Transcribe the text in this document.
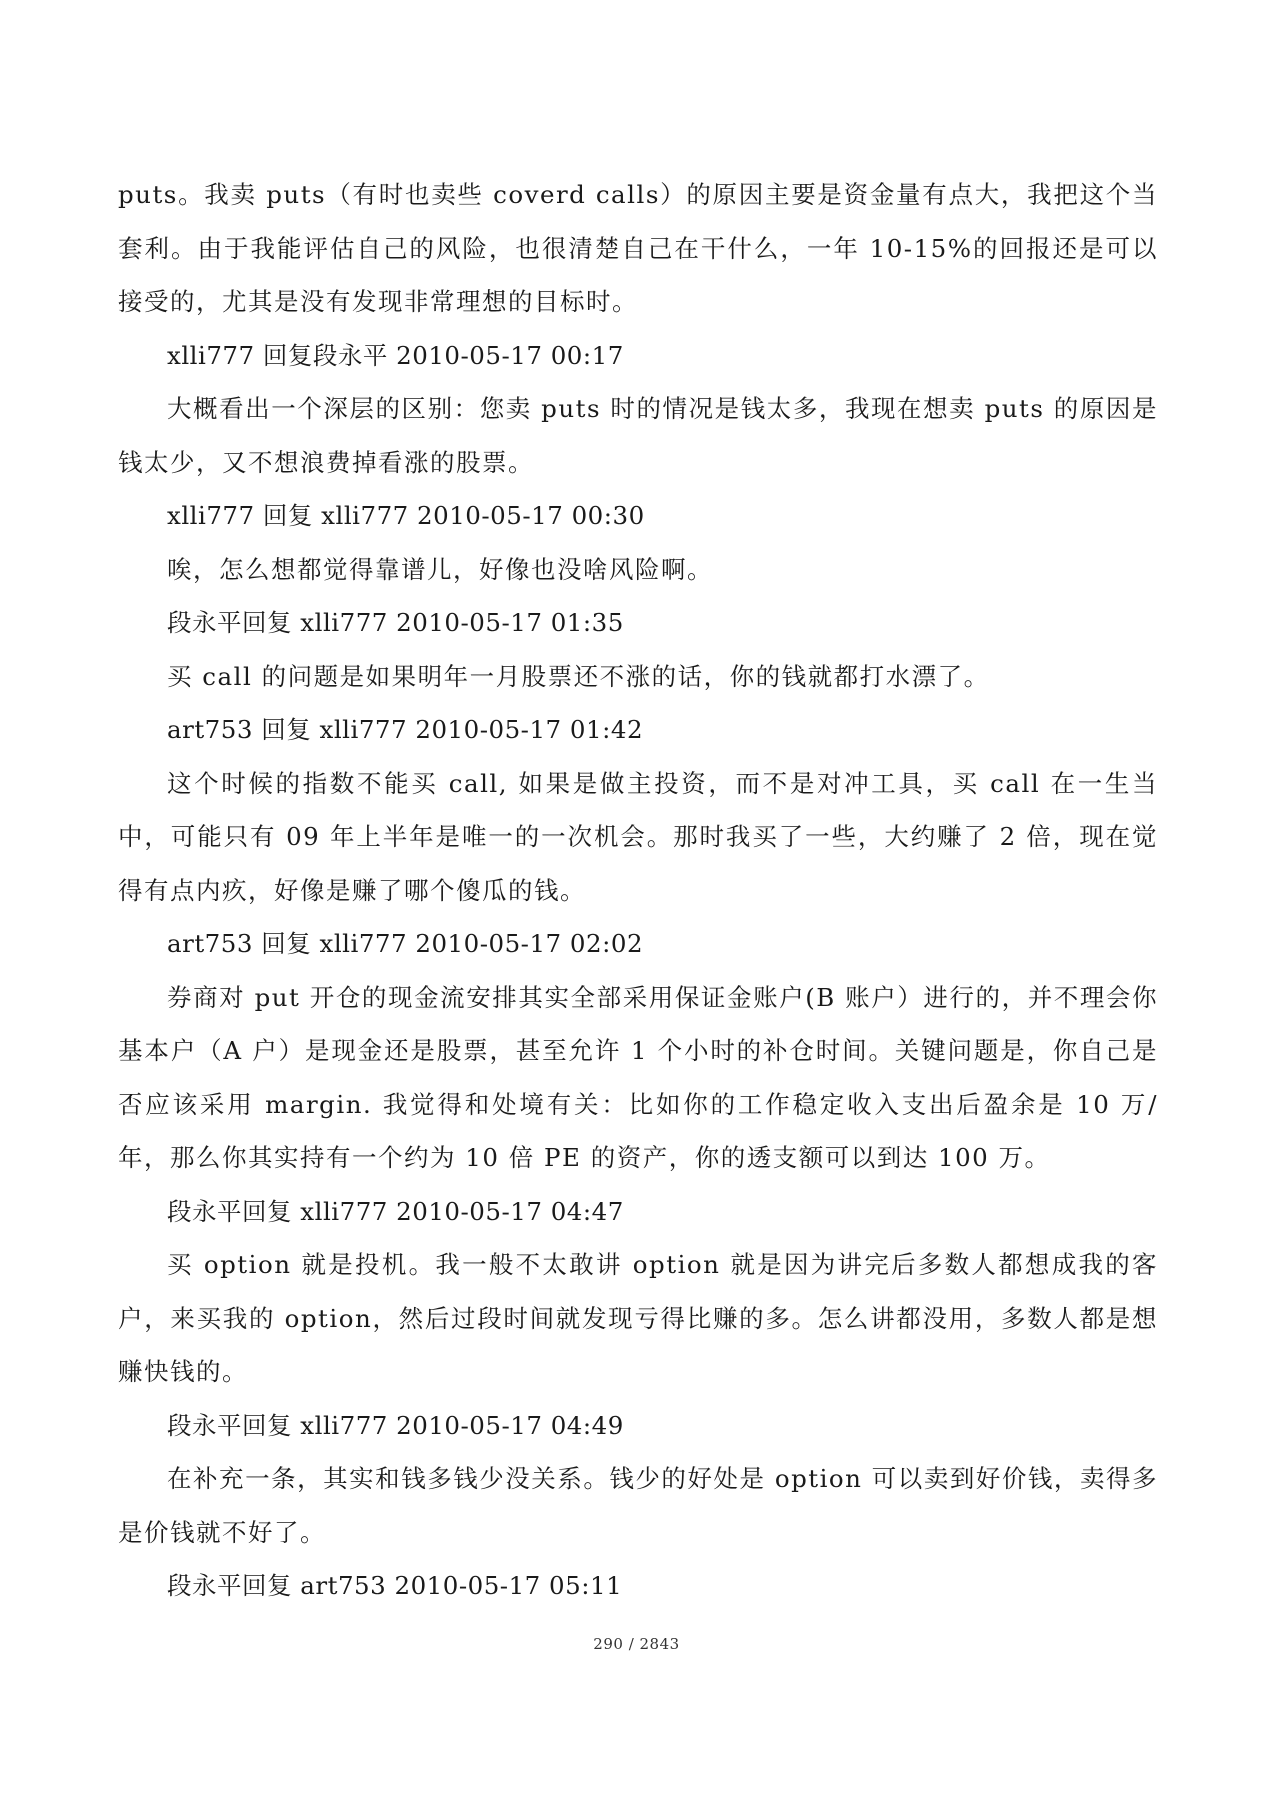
puts。我卖 puts（有时也卖些 coverd calls）的原因主要是资金量有点大，我把这个当套利。由于我能评估自己的风险，也很清楚自己在干什么，一年 10-15%的回报还是可以接受的，尤其是没有发现非常理想的目标时。

xlli777 回复段永平 2010-05-17 00:17

大概看出一个深层的区别：您卖 puts 时的情况是钱太多，我现在想卖 puts 的原因是钱太少，又不想浪费掉看涨的股票。

xlli777 回复 xlli777 2010-05-17 00:30

唉，怎么想都觉得靠谱儿，好像也没啥风险啊。

段永平回复 xlli777 2010-05-17 01:35

买 call 的问题是如果明年一月股票还不涨的话，你的钱就都打水漂了。

art753 回复 xlli777 2010-05-17 01:42

这个时候的指数不能买 call, 如果是做主投资，而不是对冲工具，买 call 在一生当中，可能只有 09 年上半年是唯一的一次机会。那时我买了一些，大约赚了 2 倍，现在觉得有点内疚，好像是赚了哪个傻瓜的钱。

art753 回复 xlli777 2010-05-17 02:02

券商对 put 开仓的现金流安排其实全部采用保证金账户(B 账户）进行的，并不理会你基本户（A 户）是现金还是股票，甚至允许 1 个小时的补仓时间。关键问题是，你自己是否应该采用 margin. 我觉得和处境有关：比如你的工作稳定收入支出后盈余是 10 万/年，那么你其实持有一个约为 10 倍 PE 的资产，你的透支额可以到达 100 万。

段永平回复 xlli777 2010-05-17 04:47

买 option 就是投机。我一般不太敢讲 option 就是因为讲完后多数人都想成我的客户，来买我的 option，然后过段时间就发现亏得比赚的多。怎么讲都没用，多数人都是想赚快钱的。

段永平回复 xlli777 2010-05-17 04:49

在补充一条，其实和钱多钱少没关系。钱少的好处是 option 可以卖到好价钱，卖得多是价钱就不好了。

段永平回复 art753 2010-05-17 05:11

290 / 2843
